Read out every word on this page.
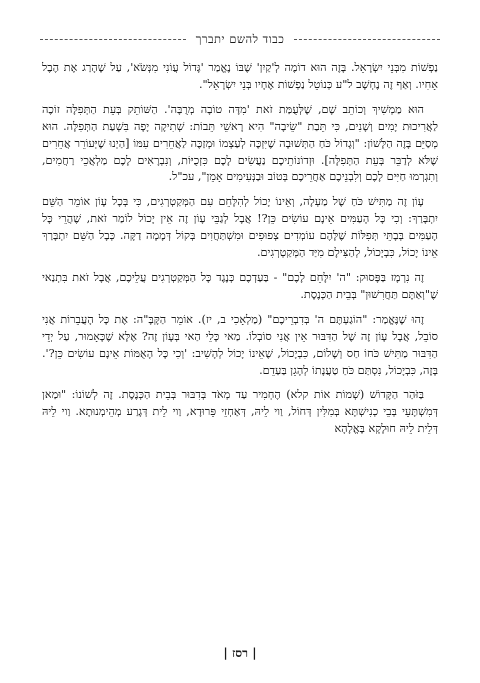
כבוד להשם יתברך

נַפְשׁוֹת מִבְּנֵי יִשְׂרָאֵל. בָּזֶה הוּא דוֹמֶה לְ'קַיִן' שֶׁבּוֹ נֶאֱמַר 'גָּדוֹל עֲוֹנִי מִנְּשֹׂא', עַל שֶׁהָרַג אֶת הֶבֶל אָחִיו. וְאַף זֶה נֶחְשָׁב ל"ע כְּנוֹטֵל נַפְשׁוֹת אֶחָיו בְּנֵי יִשְׂרָאֵל".

הוּא מַמְשִׁיךְ וְכוֹתֵב שָׁם, שֶׁלְּעֻמַּת זֹאת 'מִדָּה טוֹבָה מְרֻבָּה'. הַשּׁוֹתֵק בְּעֵת הַתְּפִלָּה זוֹכֶה לַאֲרִיכוּת יָמִים וְשָׁנִים, כִּי תֵּבַת "שֵׂיבָה" הִיא רָאשֵׁי תֵּבוֹת: שְׁתִיקָה יָפָה בִּשְׁעַת הַתְּפִלָּה. הוּא מְסַיֵּם בָּזֶה הַלָּשׁוֹן: "וְגָדוֹל כֹּחַ הַתְּשׁוּבָה שֶׁיִּזְכֶּה לְעַצְמוֹ וּמְזַכֶּה לַאֲחֵרִים עִמּוֹ [הַיְנוּ שֶׁיְּעוֹרֵר אֲחֵרִים שֶׁלֹּא לְדַבֵּר בְּעֵת הַתְּפִלָּה]. וּזְדוֹנוֹתֵיכֶם נַעֲשִׂים לָכֶם כִּזְכֻיּוֹת, וְנִבְרָאִים לָכֶם מַלְאֲכֵי רַחֲמִים, וְתִגְרְמוּ חַיִּים לָכֶם וְלִבְנֵיכֶם אַחֲרֵיכֶם בְּטוֹב וּבַנְּעִימִים אָמֵן", עכ"ל.

עָוֹן זֶה מַתִּישׁ כֹּחַ שֶׁל מַעְלָה, וְאֵינוֹ יָכוֹל לְהִלָּחֵם עִם הַמְּקַטְרְגִים, כִּי בְּכָל עָוֹן אוֹמֵר הַשֵּׁם יִתְבָּרַךְ: וְכִי כָּל הָעַמִּים אֵינָם עוֹשִׂים כֵּן?! אֲבָל לְגַבֵּי עָוֹן זֶה אֵין יָכוֹל לוֹמַר זֹאת, שֶׁהֲרֵי כָּל הָעַמִּים בְּבָתֵּי תְּפִלּוֹת שֶׁלָּהֶם עוֹמְדִים צְפוּפִים וּמִשְׁתַּחֲוִים בְּקוֹל דְּמָמָה דַקָּה. כְּבָל הַשֵּׁם יִתְבָּרַךְ אֵינוֹ יָכוֹל, כִּבְיָכוֹל, לְהַצִּילָם מִיַּד הַמְּקַטְרְגִים.

זֶה נִרְמָז בַּפָּסוּק: "ה' יִלָּחֵם לָכֶם" - בַּעַדְכֶם כְּנֶגֶד כָּל הַמְּקַטְרְגִים עֲלֵיכֶם, אֲבָל זֹאת בִּתְנַאי שֶׁ"וְאַתֶּם תַּחֲרִשׁוּן" בְּבֵית הַכְּנֶסֶת.

זֶהוּ שֶׁנֶּאֱמַר: "הוֹגַעְתֶּם ה' בְּדִבְרֵיכֶם" (מַלְאָכִי ב, יז). אוֹמֵר הַקָּבָּ"ה: אֶת כָּל הָעֲבֵרוֹת אֲנִי סוֹבֵל, אֲבָל עָוֹן זֶה שֶׁל הַדִּבּוּר אֵין אֲנִי סוֹבְלוֹ. מַאי כָּלֵי הַאי בְּעָוֹן זֶה? אֶלָּא שֶׁכָּאָמוּר, עַל יְדֵי הַדִּבּוּר מַתִּישׁ כֹּחוֹ חַס וְשָׁלוֹם, כִּבְיָכוֹל, שֶׁאֵינוֹ יָכוֹל לְהָשִׁיב: 'וְכִי כָּל הָאֻמּוֹת אֵינָם עוֹשִׂים כֵּן?'. בָּזֶה, כִּבְיָכוֹל, נִסְתַּם כֹּחַ טַעֲנָתוֹ לְהָגֵן בַּעַדֵם.

בַּזֹּהַר הַקָּדוֹשׁ (שְׁמוֹת אוֹת קלא) הֶחְמִיר עַד מְאֹד בְּדִבּוּר בְּבֵית הַכְּנֶסֶת. זֶה לְשׁוֹנוֹ: "וּמַאן דְּמִשְׁתָּעֵי בְּבֵי כְנִישְׁתָּא בְּמִלִּין דְּחוֹל, וַוי לֵיהּ, דְּאַחְזֵי פֵּרוּדָא, וַוי לֵית דְּגָרַע מְהֵימְנוּתָא. וַוי לֵיהּ דְּלֵית לֵיהּ חוּלָקָא בֶּאֱלָהָא

| רסז |
